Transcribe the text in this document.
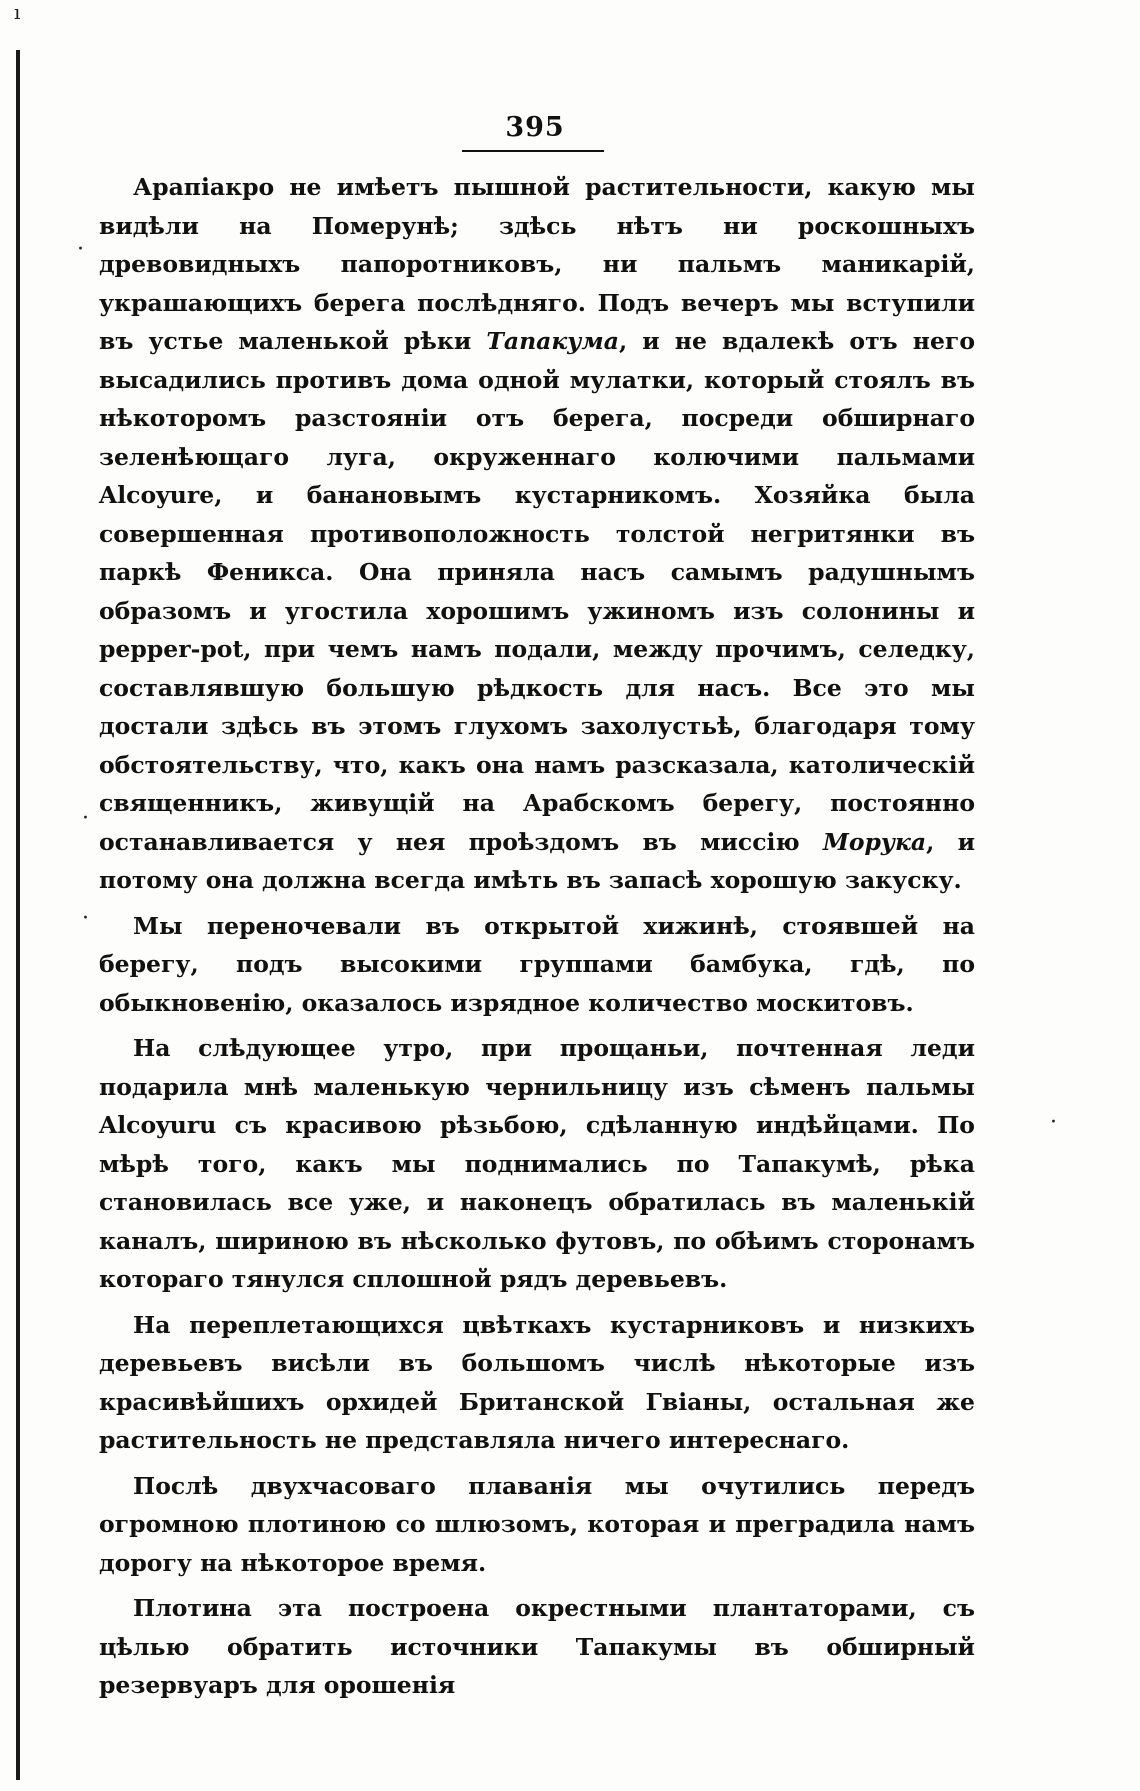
ı
·
·
·
·
395

Арапіакро не имѣетъ пышной растительности, какую мы видѣли на Померунѣ; здѣсь нѣтъ ни роскошныхъ древовидныхъ папоротниковъ, ни пальмъ маникарій, украшающихъ берега послѣдняго. Подъ вечеръ мы вступили въ устье маленькой рѣки Тапакума, и не вдалекѣ отъ него высадились противъ дома одной мулатки, который стоялъ въ нѣкоторомъ разстояніи отъ берега, посреди обширнаго зеленѣющаго луга, окруженнаго колючими пальмами Alcoyure, и банановымъ кустарникомъ. Хозяйка была совершенная противоположность толстой негритянки въ паркѣ Феникса. Она приняла насъ самымъ радушнымъ образомъ и угостила хорошимъ ужиномъ изъ солонины и pepper-pot, при чемъ намъ подали, между прочимъ, селедку, составлявшую большую рѣдкость для насъ. Все это мы достали здѣсь въ этомъ глухомъ захолустьѣ, благодаря тому обстоятельству, что, какъ она намъ разсказала, католическій священникъ, живущій на Арабскомъ берегу, постоянно останавливается у нея проѣздомъ въ миссію Морука, и потому она должна всегда имѣть въ запасѣ хорошую закуску.

Мы переночевали въ открытой хижинѣ, стоявшей на берегу, подъ высокими группами бамбука, гдѣ, по обыкновенію, оказалось изрядное количество москитовъ.

На слѣдующее утро, при прощаньи, почтенная леди подарила мнѣ маленькую чернильницу изъ сѣменъ пальмы Alcoyuru съ красивою рѣзьбою, сдѣланную индѣйцами. По мѣрѣ того, какъ мы поднимались по Тапакумѣ, рѣка становилась все уже, и наконецъ обратилась въ маленькій каналъ, шириною въ нѣсколько футовъ, по обѣимъ сторонамъ котораго тянулся сплошной рядъ деревьевъ.

На переплетающихся цвѣткахъ кустарниковъ и низкихъ деревьевъ висѣли въ большомъ числѣ нѣкоторые изъ красивѣйшихъ орхидей Британской Гвіаны, остальная же растительность не представляла ничего интереснаго.

Послѣ двухчасоваго плаванія мы очутились передъ огромною плотиною со шлюзомъ, которая и преградила намъ дорогу на нѣкоторое время.

Плотина эта построена окрестными плантаторами, съ цѣлью обратить источники Тапакумы въ обширный резервуаръ для орошенія
